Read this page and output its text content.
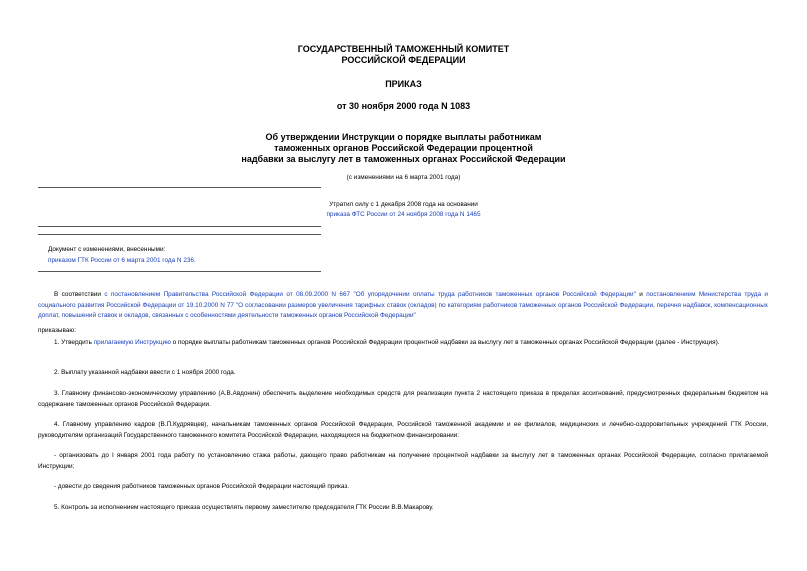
ГОСУДАРСТВЕННЫЙ ТАМОЖЕННЫЙ КОМИТЕТ
РОССИЙСКОЙ ФЕДЕРАЦИИ
ПРИКАЗ
от 30 ноября 2000 года N 1083
Об утверждении Инструкции о порядке выплаты работникам
таможенных органов Российской Федерации процентной
надбавки за выслугу лет в таможенных органах Российской Федерации
(с изменениями на 6 марта 2001 года)
Утратил силу с 1 декабря 2008 года на основании
приказа ФТС России от 24 ноября 2008 года N 1465
Документ с изменениями, внесенными:
приказом ГТК России от 6 марта 2001 года N 236.
В соответствии с постановлением Правительства Российской Федерации от 08.09.2000 N 667 "Об упорядочении оплаты труда работников таможенных органов Российской Федерации" и постановлением Министерства труда и социального развития Российской Федерации от 19.10.2000 N 77 "О согласовании размеров увеличения тарифных ставок (окладов) по категориям работников таможенных органов Российской Федерации, перечня надбавок, компенсационных доплат, повышений ставок и окладов, связанных с особенностями деятельности таможенных органов Российской Федерации"
приказываю:
1. Утвердить прилагаемую Инструкцию о порядке выплаты работникам таможенных органов Российской Федерации процентной надбавки за выслугу лет в таможенных органах Российской Федерации (далее - Инструкция).
2. Выплату указанной надбавки ввести с 1 ноября 2000 года.
3. Главному финансово-экономическому управлению (А.В.Авдонин) обеспечить выделение необходимых средств для реализации пункта 2 настоящего приказа в пределах ассигнований, предусмотренных федеральным бюджетом на содержание таможенных органов Российской Федерации.
4. Главному управлению кадров (В.П.Кудрявцев), начальникам таможенных органов Российской Федерации, Российской таможенной академии и ее филиалов, медицинских и лечебно-оздоровительных учреждений ГТК России, руководителям организаций Государственного таможенного комитета Российской Федерации, находящихся на бюджетном финансировании:
- организовать до I января 2001 года работу по установлению стажа работы, дающего право работникам на получение процентной надбавки за выслугу лет в таможенных органах Российской Федерации, согласно прилагаемой Инструкции;
- довести до сведения работников таможенных органов Российской Федерации настоящий приказ.
5. Контроль за исполнением настоящего приказа осуществлять первому заместителю председателя ГТК России В.В.Макарову.
